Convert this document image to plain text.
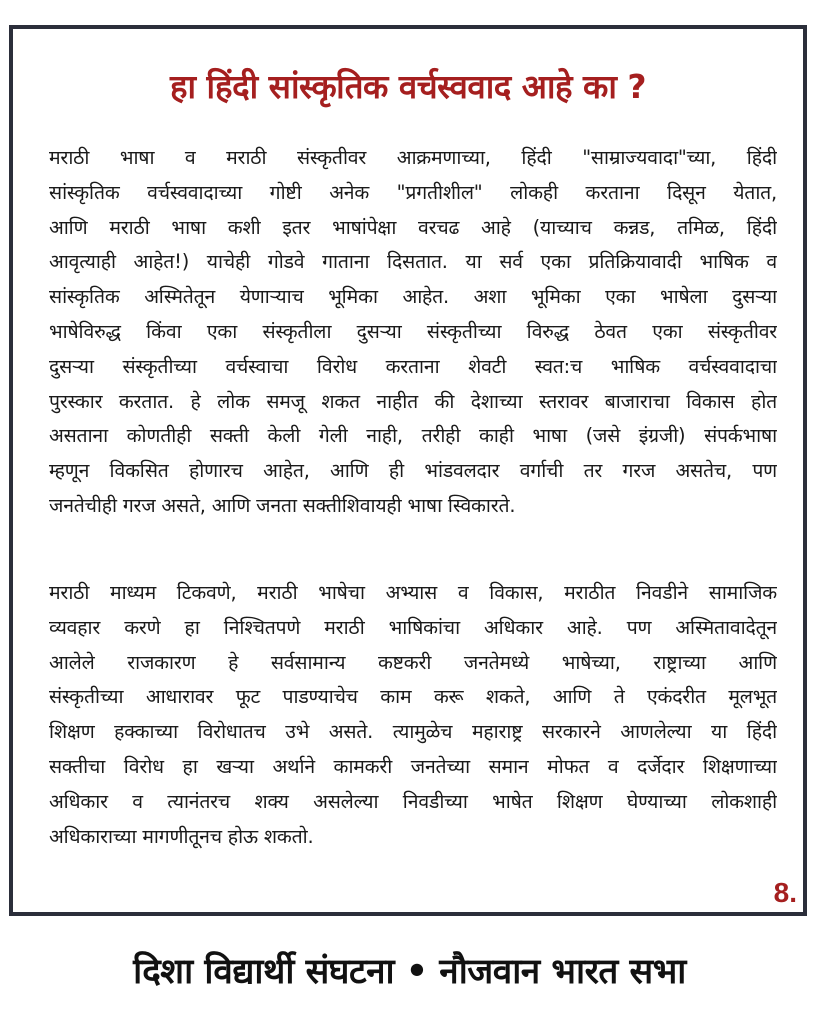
हा हिंदी सांस्कृतिक वर्चस्ववाद आहे का ?
मराठी भाषा व मराठी संस्कृतीवर आक्रमणाच्या, हिंदी "साम्राज्यवादा"च्या, हिंदी
सांस्कृतिक वर्चस्ववादाच्या गोष्टी अनेक "प्रगतीशील" लोकही करताना दिसून येतात,
आणि मराठी भाषा कशी इतर भाषांपेक्षा वरचढ आहे (याच्याच कन्नड, तमिळ, हिंदी
आवृत्याही आहेत!) याचेही गोडवे गाताना दिसतात. या सर्व एका प्रतिक्रियावादी भाषिक व
सांस्कृतिक अस्मितेतून येणाऱ्याच भूमिका आहेत. अशा भूमिका एका भाषेला दुसऱ्या
भाषेविरुद्ध किंवा एका संस्कृतीला दुसऱ्या संस्कृतीच्या विरुद्ध ठेवत एका संस्कृतीवर
दुसऱ्या संस्कृतीच्या वर्चस्वाचा विरोध करताना शेवटी स्वत:च भाषिक वर्चस्ववादाचा
पुरस्कार करतात. हे लोक समजू शकत नाहीत की देशाच्या स्तरावर बाजाराचा विकास होत
असताना कोणतीही सक्ती केली गेली नाही, तरीही काही भाषा (जसे इंग्रजी) संपर्कभाषा
म्हणून विकसित होणारच आहेत, आणि ही भांडवलदार वर्गाची तर गरज असतेच, पण
जनतेचीही गरज असते, आणि जनता सक्तीशिवायही भाषा स्विकारते.
मराठी माध्यम टिकवणे, मराठी भाषेचा अभ्यास व विकास, मराठीत निवडीने सामाजिक
व्यवहार करणे हा निश्चितपणे मराठी भाषिकांचा अधिकार आहे. पण अस्मितावादेतून
आलेले राजकारण हे सर्वसामान्य कष्टकरी जनतेमध्ये भाषेच्या, राष्ट्राच्या आणि
संस्कृतीच्या आधारावर फूट पाडण्याचेच काम करू शकते, आणि ते एकंदरीत मूलभूत
शिक्षण हक्काच्या विरोधातच उभे असते. त्यामुळेच महाराष्ट्र सरकारने आणलेल्या या हिंदी
सक्तीचा विरोध हा खऱ्या अर्थाने कामकरी जनतेच्या समान मोफत व दर्जेदार शिक्षणाच्या
अधिकार व त्यानंतरच शक्य असलेल्या निवडीच्या भाषेत शिक्षण घेण्याच्या लोकशाही
अधिकाराच्या मागणीतूनच होऊ शकतो.
8.
दिशा विद्यार्थी संघटना • नौजवान भारत सभा
